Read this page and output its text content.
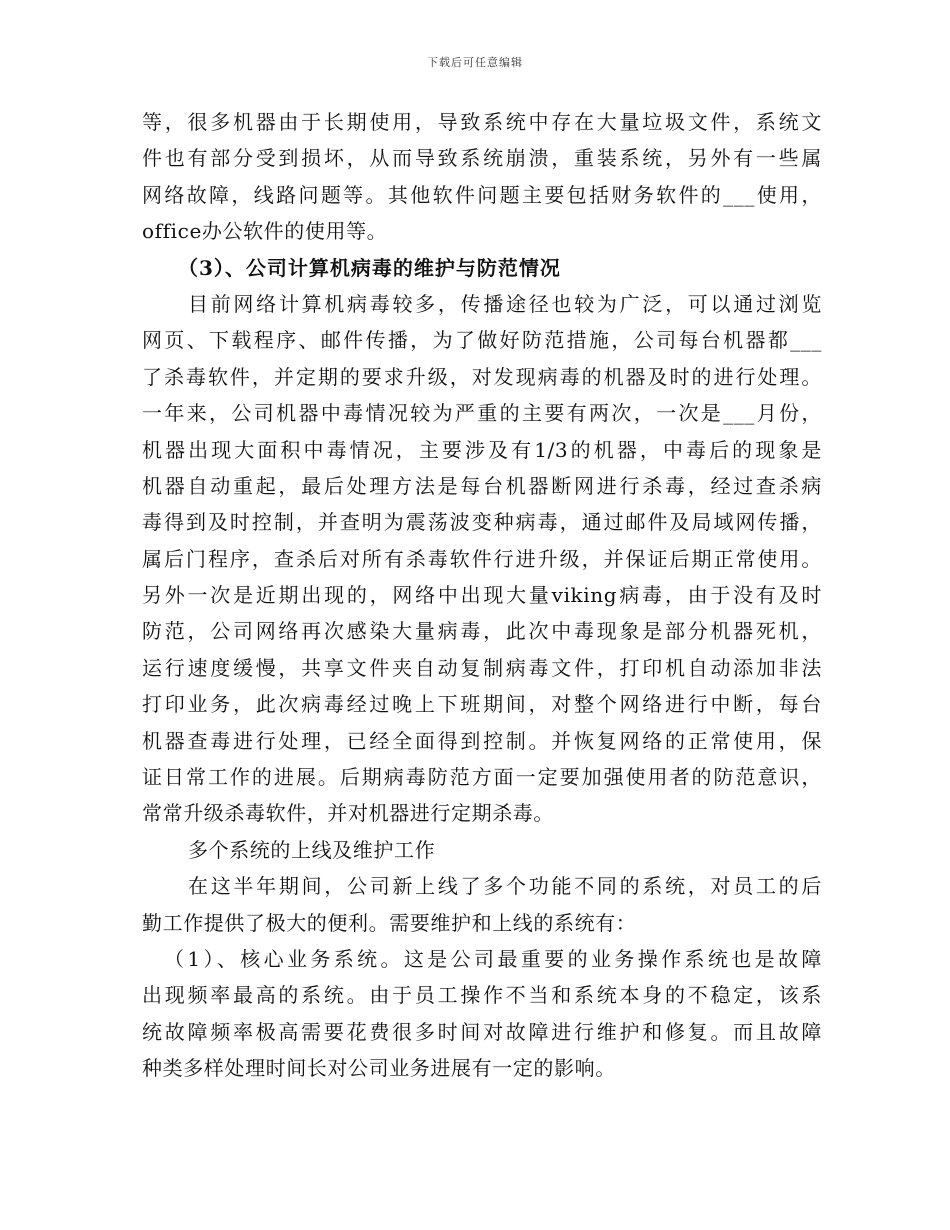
下载后可任意编辑
等，很多机器由于长期使用，导致系统中存在大量垃圾文件，系统文
件也有部分受到损坏，从而导致系统崩溃，重装系统，另外有一些属
网络故障，线路问题等。其他软件问题主要包括财务软件的___使用，
office办公软件的使用等。
（3）、公司计算机病毒的维护与防范情况
目前网络计算机病毒较多，传播途径也较为广泛，可以通过浏览
网页、下载程序、邮件传播，为了做好防范措施，公司每台机器都___
了杀毒软件，并定期的要求升级，对发现病毒的机器及时的进行处理。
一年来，公司机器中毒情况较为严重的主要有两次，一次是___月份，
机器出现大面积中毒情况，主要涉及有1/3的机器，中毒后的现象是
机器自动重起，最后处理方法是每台机器断网进行杀毒，经过查杀病
毒得到及时控制，并查明为震荡波变种病毒，通过邮件及局域网传播，
属后门程序，查杀后对所有杀毒软件行进升级，并保证后期正常使用。
另外一次是近期出现的，网络中出现大量viking病毒，由于没有及时
防范，公司网络再次感染大量病毒，此次中毒现象是部分机器死机，
运行速度缓慢，共享文件夹自动复制病毒文件，打印机自动添加非法
打印业务，此次病毒经过晚上下班期间，对整个网络进行中断，每台
机器查毒进行处理，已经全面得到控制。并恢复网络的正常使用，保
证日常工作的进展。后期病毒防范方面一定要加强使用者的防范意识，
常常升级杀毒软件，并对机器进行定期杀毒。
多个系统的上线及维护工作
在这半年期间，公司新上线了多个功能不同的系统，对员工的后
勤工作提供了极大的便利。需要维护和上线的系统有：
（1）、核心业务系统。这是公司最重要的业务操作系统也是故障
出现频率最高的系统。由于员工操作不当和系统本身的不稳定，该系
统故障频率极高需要花费很多时间对故障进行维护和修复。而且故障
种类多样处理时间长对公司业务进展有一定的影响。
